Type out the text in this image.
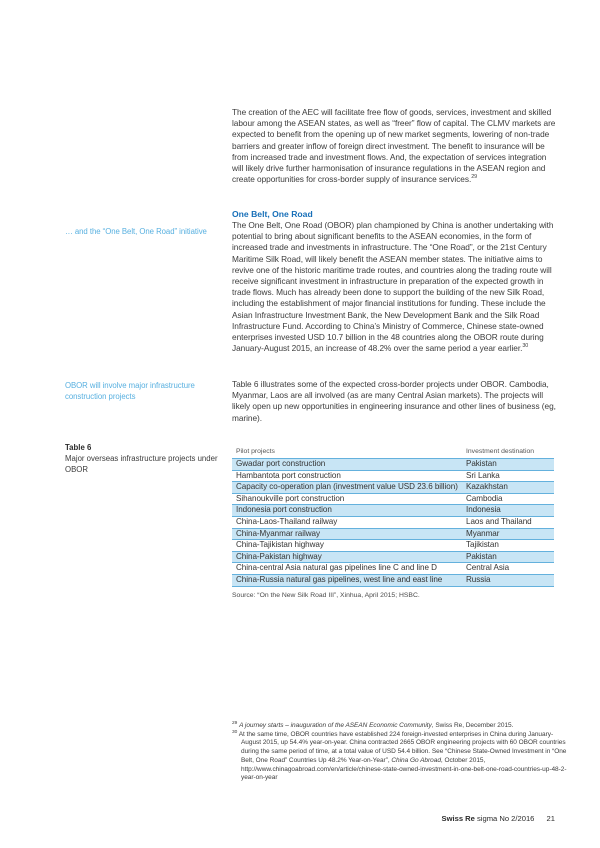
… and the “One Belt, One Road” initiative

OBOR will involve major infrastructure construction projects

Table 6
Major overseas infrastructure projects under OBOR

The creation of the AEC will facilitate free flow of goods, services, investment and skilled labour among the ASEAN states, as well as “freer” flow of capital. The CLMV markets are expected to benefit from the opening up of new market segments, lowering of non-trade barriers and greater inflow of foreign direct investment. The benefit to insurance will be from increased trade and investment flows. And, the expectation of services integration will likely drive further harmonisation of insurance regulations in the ASEAN region and create opportunities for cross-border supply of insurance services.$^{29}$

One Belt, One Road

The One Belt, One Road (OBOR) plan championed by China is another undertaking with potential to bring about significant benefits to the ASEAN economies, in the form of increased trade and investments in infrastructure. The “One Road”, or the 21st Century Maritime Silk Road, will likely benefit the ASEAN member states. The initiative aims to revive one of the historic maritime trade routes, and countries along the trading route will receive significant investment in infrastructure in preparation of the expected growth in trade flows. Much has already been done to support the building of the new Silk Road, including the establishment of major financial institutions for funding. These include the Asian Infrastructure Investment Bank, the New Development Bank and the Silk Road Infrastructure Fund. According to China’s Ministry of Commerce, Chinese state-owned enterprises invested USD 10.7 billion in the 48 countries along the OBOR route during January-August 2015, an increase of 48.2% over the same period a year earlier.$^{30}$

Table 6 illustrates some of the expected cross-border projects under OBOR. Cambodia, Myanmar, Laos are all involved (as are many Central Asian markets). The projects will likely open up new opportunities in engineering insurance and other lines of business (eg, marine).

Pilot projects	Investment destination
Gwadar port construction	Pakistan
Hambantota port construction	Sri Lanka
Capacity co-operation plan (investment value USD 23.6 billion)	Kazakhstan
Sihanoukville port construction	Cambodia
Indonesia port construction	Indonesia
China-Laos-Thailand railway	Laos and Thailand
China-Myanmar railway	Myanmar
China-Tajikistan highway	Tajikistan
China-Pakistan highway	Pakistan
China-central Asia natural gas pipelines line C and line D	Central Asia
China-Russia natural gas pipelines, west line and east line	Russia

Source: “On the New Silk Road III”, Xinhua, April 2015; HSBC.

$^{29}$ A journey starts – inauguration of the ASEAN Economic Community, Swiss Re, December 2015.

$^{30}$ At the same time, OBOR countries have established 224 foreign-invested enterprises in China during January-August 2015, up 54.4% year-on-year. China contracted 2665 OBOR engineering projects with 60 OBOR countries during the same period of time, at a total value of USD 54.4 billion. See “Chinese State-Owned Investment in “One Belt, One Road” Countries Up 48.2% Year-on-Year”, China Go Abroad, October 2015, http://www.chinagoabroad.com/en/article/chinese-state-owned-investment-in-one-belt-one-road-countries-up-48-2-year-on-year

Swiss Re sigma No 2/2016 21
